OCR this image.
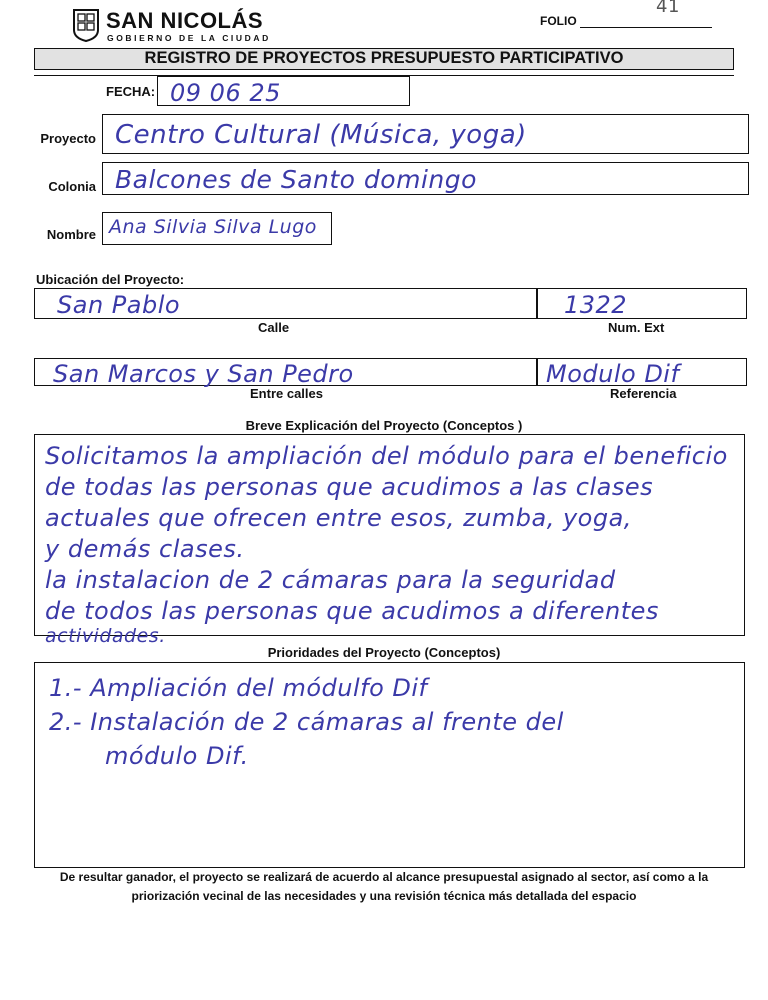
SAN NICOLÁS
GOBIERNO DE LA CIUDAD
FOLIO
41
REGISTRO DE PROYECTOS PRESUPUESTO PARTICIPATIVO
FECHA: 09 06 25
Proyecto Centro Cultural (Música, yoga)
Colonia Balcones de Santo domingo
Nombre Ana Silvia Silva Lugo
Ubicación del Proyecto:
San Pablo	1322
Calle	Num. Ext
San Marcos y San Pedro	Modulo Dif
Entre calles	Referencia
Breve Explicación del Proyecto (Conceptos )
Solicitamos la ampliación del módulo para el beneficio
de todas las personas que acudimos a las clases
actuales que ofrecen entre esos, zumba, yoga,
y demás clases.
la instalacion de 2 cámaras para la seguridad
de todos las personas que acudimos a diferentes
actividades.
Prioridades del Proyecto (Conceptos)
1.- Ampliación del módulfo Dif
2.- Instalación de 2 cámaras al frente del
módulo Dif.
De resultar ganador, el proyecto se realizará de acuerdo al alcance presupuestal asignado al sector, así como a la priorización vecinal de las necesidades y una revisión técnica más detallada del espacio
